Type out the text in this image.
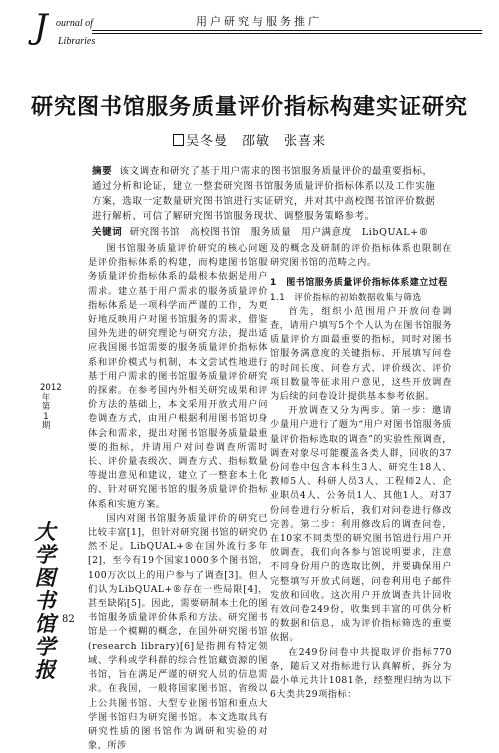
J ournal of
Libraries
用户研究与服务推广
研究图书馆服务质量评价指标构建实证研究
吴冬曼　邵敏　张喜来
摘要 该文调查和研究了基于用户需求的图书馆服务质量评价的最重要指标，通过分析和论证，建立一整套研究图书馆服务质量评价指标体系以及工作实施方案，选取一定数量研究图书馆进行实证研究，并对其中高校图书馆评价数据进行解析、可信了解研究图书馆服务现状、调整服务策略参考。
关键词 研究图书馆　高校图书馆　服务质量　用户满意度　LibQUAL+®

图书馆服务质量评价研究的核心问题是评价指标体系的构建，而构建图书馆服务质量评价指标体系的最根本依据是用户需求。建立基于用户需求的服务质量评价指标体系是一项科学而严谨的工作，为更好地反映用户对图书馆服务的需求，借鉴国外先进的研究理论与研究方法，提出适应我国图书馆需要的服务质量评价指标体系和评价模式与机制，本文尝试性地进行基于用户需求的图书馆服务质量评价研究的探索。在参考国内外相关研究成果和评价方法的基础上，本文采用开放式用户问卷调查方式，由用户根据利用图书馆切身体会和需求，提出对图书馆服务质量最重要的指标，并请用户对问卷调查所需时长、评价量表级次、调查方式、指标数量等提出意见和建议，建立了一整套本土化的、针对研究图书馆的服务质量评价指标体系和实施方案。

国内对图书馆服务质量评价的研究已比较丰富[1]，但针对研究图书馆的研究仍然不足。LibQUAL+®在国外流行多年[2]，至今有19个国家1000多个图书馆，100万次以上的用户参与了调查[3]。但人们认为LibQUAL+®存在一些局限[4]，甚至缺陷[5]。因此，需要研制本土化的图书馆服务质量评价体系和方法。研究图书馆是一个模糊的概念，在国外研究图书馆(research library)[6]是指拥有特定领域、学科或学科群的综合性馆藏资源的图书馆，旨在满足严谨的研究人员的信息需求。在我国，一般将国家图书馆、省级以上公共图书馆、大型专业图书馆和重点大学图书馆归为研究图书馆。本文选取具有研究性质的图书馆作为调研和实验的对象，所涉

及的概念及研制的评价指标体系也限制在研究图书馆的范畴之内。

1　图书馆服务质量评价指标体系建立过程

1.1　评价指标的初始数据收集与筛选

首先，组织小范围用户开放问卷调查，请用户填写5个个人认为在图书馆服务质量评价方面最重要的指标，同时对图书馆服务满意度的关键指标、开展填写问卷的时间长度、问卷方式、评价级次、评价项目数量等征求用户意见，这些开放调查为后续的问卷设计提供基本参考依据。

开放调查又分为两步。第一步：邀请少量用户进行了题为“用户对图书馆服务质量评价指标选取的调查”的实验性预调查，调查对象尽可能覆盖各类人群，回收的37份问卷中包含本科生3人、研究生18人、教师5人、科研人员3人、工程师2人、企业职员4人、公务员1人、其他1人。对37份问卷进行分析后，我们对问卷进行修改完善。第二步：利用修改后的调查问卷，在10家不同类型的研究图书馆进行用户开放调查，我们向各参与馆说明要求，注意不同身份用户的选取比例，并要确保用户完整填写开放式问题，问卷利用电子邮件发放和回收。这次用户开放调查共计回收有效问卷249份，收集到丰富的可供分析的数据和信息，成为评价指标筛选的重要依据。

在249份问卷中共提取评价指标770条，随后又对指标进行认真解析，拆分为最小单元共计1081条，经整理归纳为以下6大类共29项指标：

2012年第1期
大学图书馆学报
82
